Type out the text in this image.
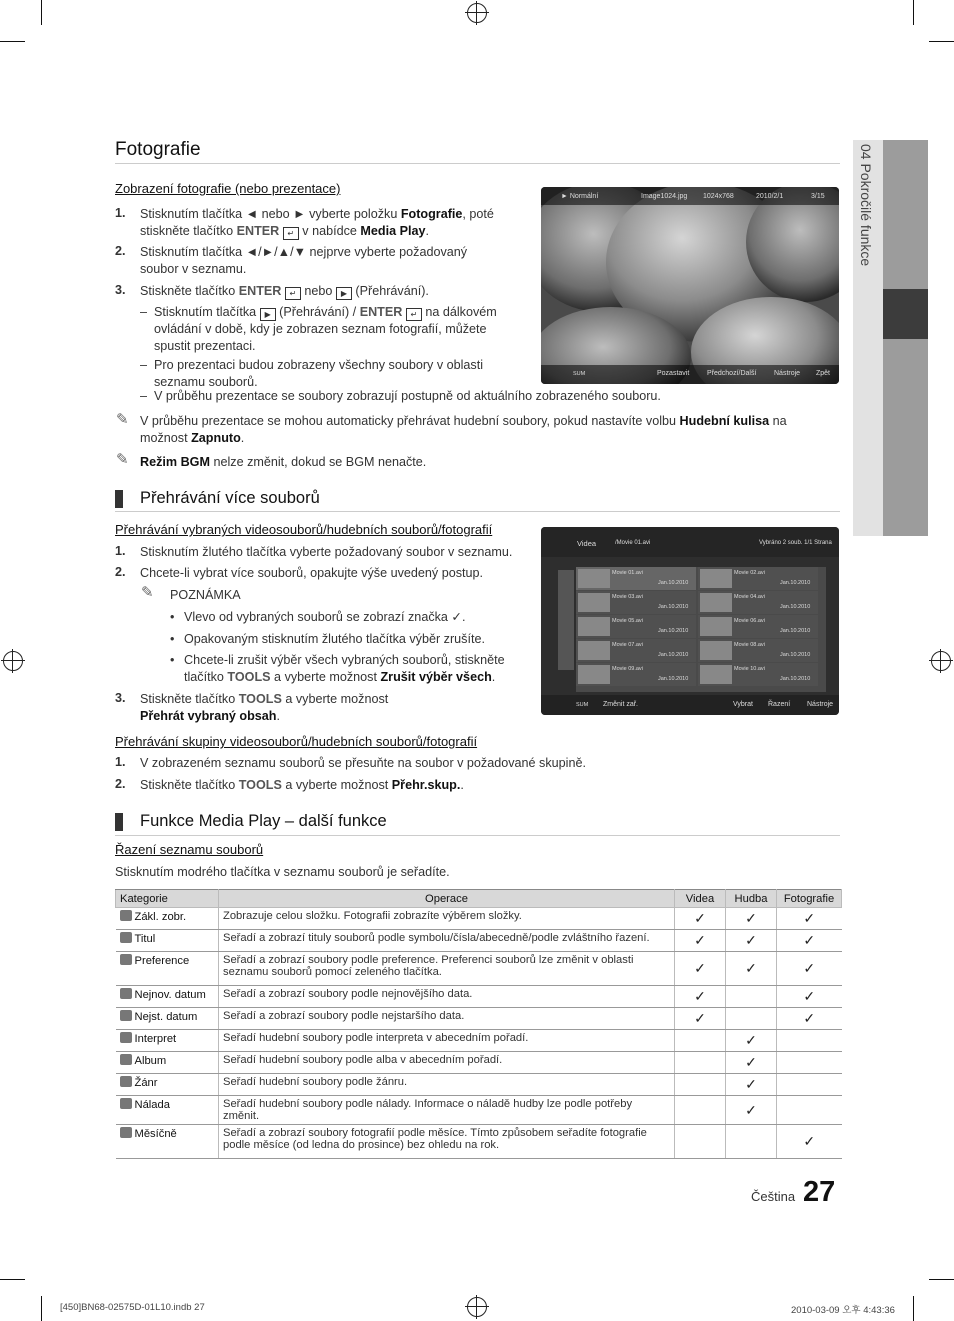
04 Pokročilé funkce
Fotografie
Zobrazení fotografie (nebo prezentace)
1. Stisknutím tlačítka ◄ nebo ► vyberte položku Fotografie, poté
stiskněte tlačítko ENTER ↵ v nabídce Media Play.
2. Stisknutím tlačítka ◄/►/▲/▼ nejprve vyberte požadovaný
soubor v seznamu.
3. Stiskněte tlačítko ENTER ↵ nebo ▶ (Přehrávání).
– Stisknutím tlačítka ▶ (Přehrávání) / ENTER ↵ na dálkovém
ovládání v době, kdy je zobrazen seznam fotografií, můžete
spustit prezentaci.
– Pro prezentaci budou zobrazeny všechny soubory v oblasti
seznamu souborů.
– V průběhu prezentace se soubory zobrazují postupně od aktuálního zobrazeného souboru.
✎ V průběhu prezentace se mohou automaticky přehrávat hudební soubory, pokud nastavíte volbu Hudební kulisa na
možnost Zapnuto.
✎ Režim BGM nelze změnit, dokud se BGM nenačte.
► Normální	Image1024.jpg 1024x768	2010/2/1	3/15
SUM	Pozastavit	Předchozí/Další	Nástroje Zpět
Přehrávání více souborů
Přehrávání vybraných videosouborů/hudebních souborů/fotografií
1. Stisknutím žlutého tlačítka vyberte požadovaný soubor v seznamu.
2. Chcete-li vybrat více souborů, opakujte výše uvedený postup.
✎ POZNÁMKA
• Vlevo od vybraných souborů se zobrazí značka ✓.
• Opakovaným stisknutím žlutého tlačítka výběr zrušíte.
• Chcete-li zrušit výběr všech vybraných souborů, stiskněte
tlačítko TOOLS a vyberte možnost Zrušit výběr všech.
3. Stiskněte tlačítko TOOLS a vyberte možnost
Přehrát vybraný obsah.
Videa	/Movie 01.avi	Vybráno 2 soub. 1/1 Strana
Movie 01.avi
Jan.10.2010
Movie 02.avi
Jan.10.2010
Movie 03.avi
Jan.10.2010
Movie 04.avi
Jan.10.2010
Movie 05.avi
Jan.10.2010
Movie 06.avi
Jan.10.2010
Movie 07.avi
Jan.10.2010
Movie 08.avi
Jan.10.2010
Movie 09.avi
Jan.10.2010
Movie 10.avi
Jan.10.2010
SUM Změnit zař.	Vybrat Řazení Nástroje
Přehrávání skupiny videosouborů/hudebních souborů/fotografií
1. V zobrazeném seznamu souborů se přesuňte na soubor v požadované skupině.
2. Stiskněte tlačítko TOOLS a vyberte možnost Přehr.skup..
Funkce Media Play – další funkce
Řazení seznamu souborů
Stisknutím modrého tlačítka v seznamu souborů je seřadíte.
Kategorie	Operace	Videa	Hudba	Fotografie
Zákl. zobr.	Zobrazuje celou složku. Fotografii zobrazíte výběrem složky.	✓	✓	✓
Titul	Seřadí a zobrazí tituly souborů podle symbolu/čísla/abecedně/podle zvláštního řazení.	✓	✓	✓
Preference	Seřadí a zobrazí soubory podle preference. Preferenci souborů lze změnit v oblasti seznamu souborů pomocí zeleného tlačítka.	✓	✓	✓
Nejnov. datum	Seřadí a zobrazí soubory podle nejnovějšího data.	✓		✓
Nejst. datum	Seřadí a zobrazí soubory podle nejstaršího data.	✓		✓
Interpret	Seřadí hudební soubory podle interpreta v abecedním pořadí.		✓	
Album	Seřadí hudební soubory podle alba v abecedním pořadí.		✓	
Žánr	Seřadí hudební soubory podle žánru.		✓	
Nálada	Seřadí hudební soubory podle nálady. Informace o náladě hudby lze podle potřeby změnit.		✓	
Měsíčně	Seřadí a zobrazí soubory fotografií podle měsíce. Tímto způsobem seřadíte fotografie podle měsíce (od ledna do prosince) bez ohledu na rok.			✓
Čeština 27
[450]BN68-02575D-01L10.indb 27	2010-03-09 오후 4:43:36
